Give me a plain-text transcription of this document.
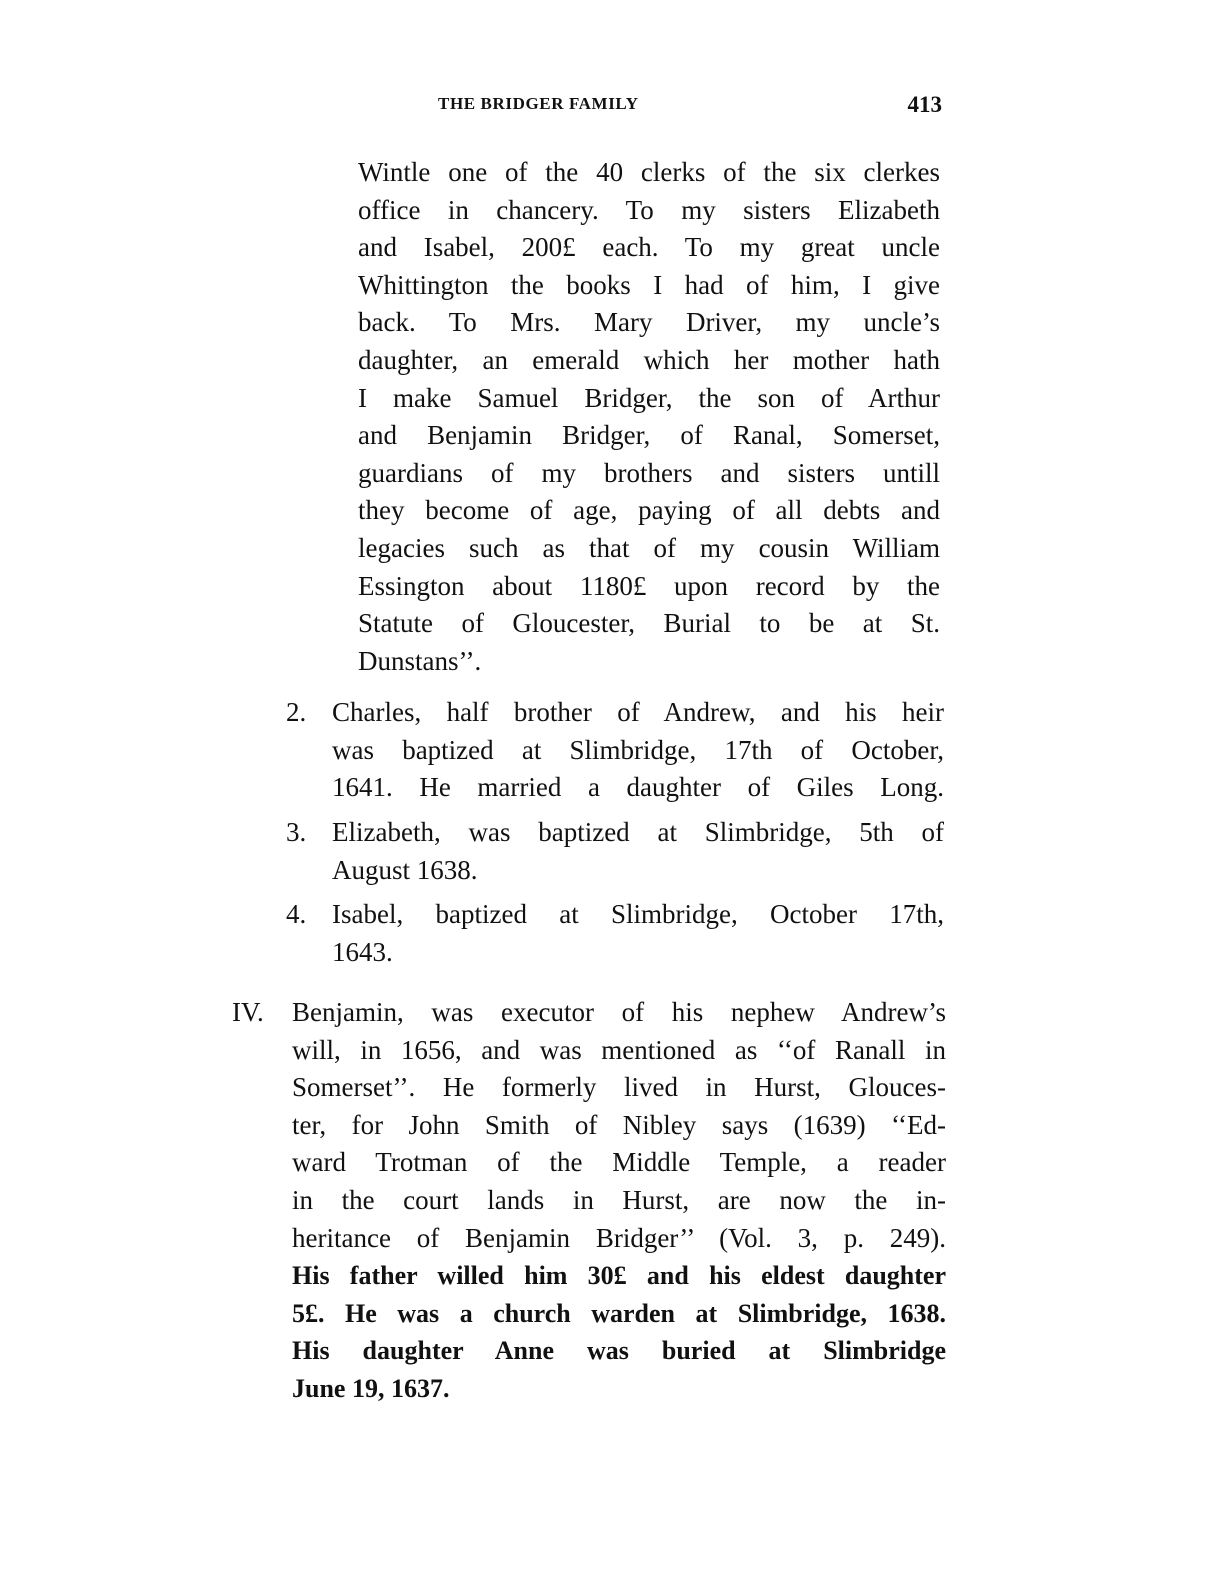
THE BRIDGER FAMILY	413
Wintle one of the 40 clerks of the six clerkes
office in chancery. To my sisters Elizabeth
and Isabel, 200£ each. To my great uncle
Whittington the books I had of him, I give
back. To Mrs. Mary Driver, my uncle’s
daughter, an emerald which her mother hath
I make Samuel Bridger, the son of Arthur
and Benjamin Bridger, of Ranal, Somerset,
guardians of my brothers and sisters untill
they become of age, paying of all debts and
legacies such as that of my cousin William
Essington about 1180£ upon record by the
Statute of Gloucester, Burial to be at St.
Dunstans’’.
2. Charles, half brother of Andrew, and his heir
was baptized at Slimbridge, 17th of October,
1641. He married a daughter of Giles Long.
3. Elizabeth, was baptized at Slimbridge, 5th of
August 1638.
4. Isabel, baptized at Slimbridge, October 17th,
1643.
IV. Benjamin, was executor of his nephew Andrew’s
will, in 1656, and was mentioned as ‘‘of Ranall in
Somerset’’. He formerly lived in Hurst, Glouces-
ter, for John Smith of Nibley says (1639) ‘‘Ed-
ward Trotman of the Middle Temple, a reader
in the court lands in Hurst, are now the in-
heritance of Benjamin Bridger’’ (Vol. 3, p. 249).
His father willed him 30£ and his eldest daughter
5£. He was a church warden at Slimbridge, 1638.
His daughter Anne was buried at Slimbridge
June 19, 1637.
